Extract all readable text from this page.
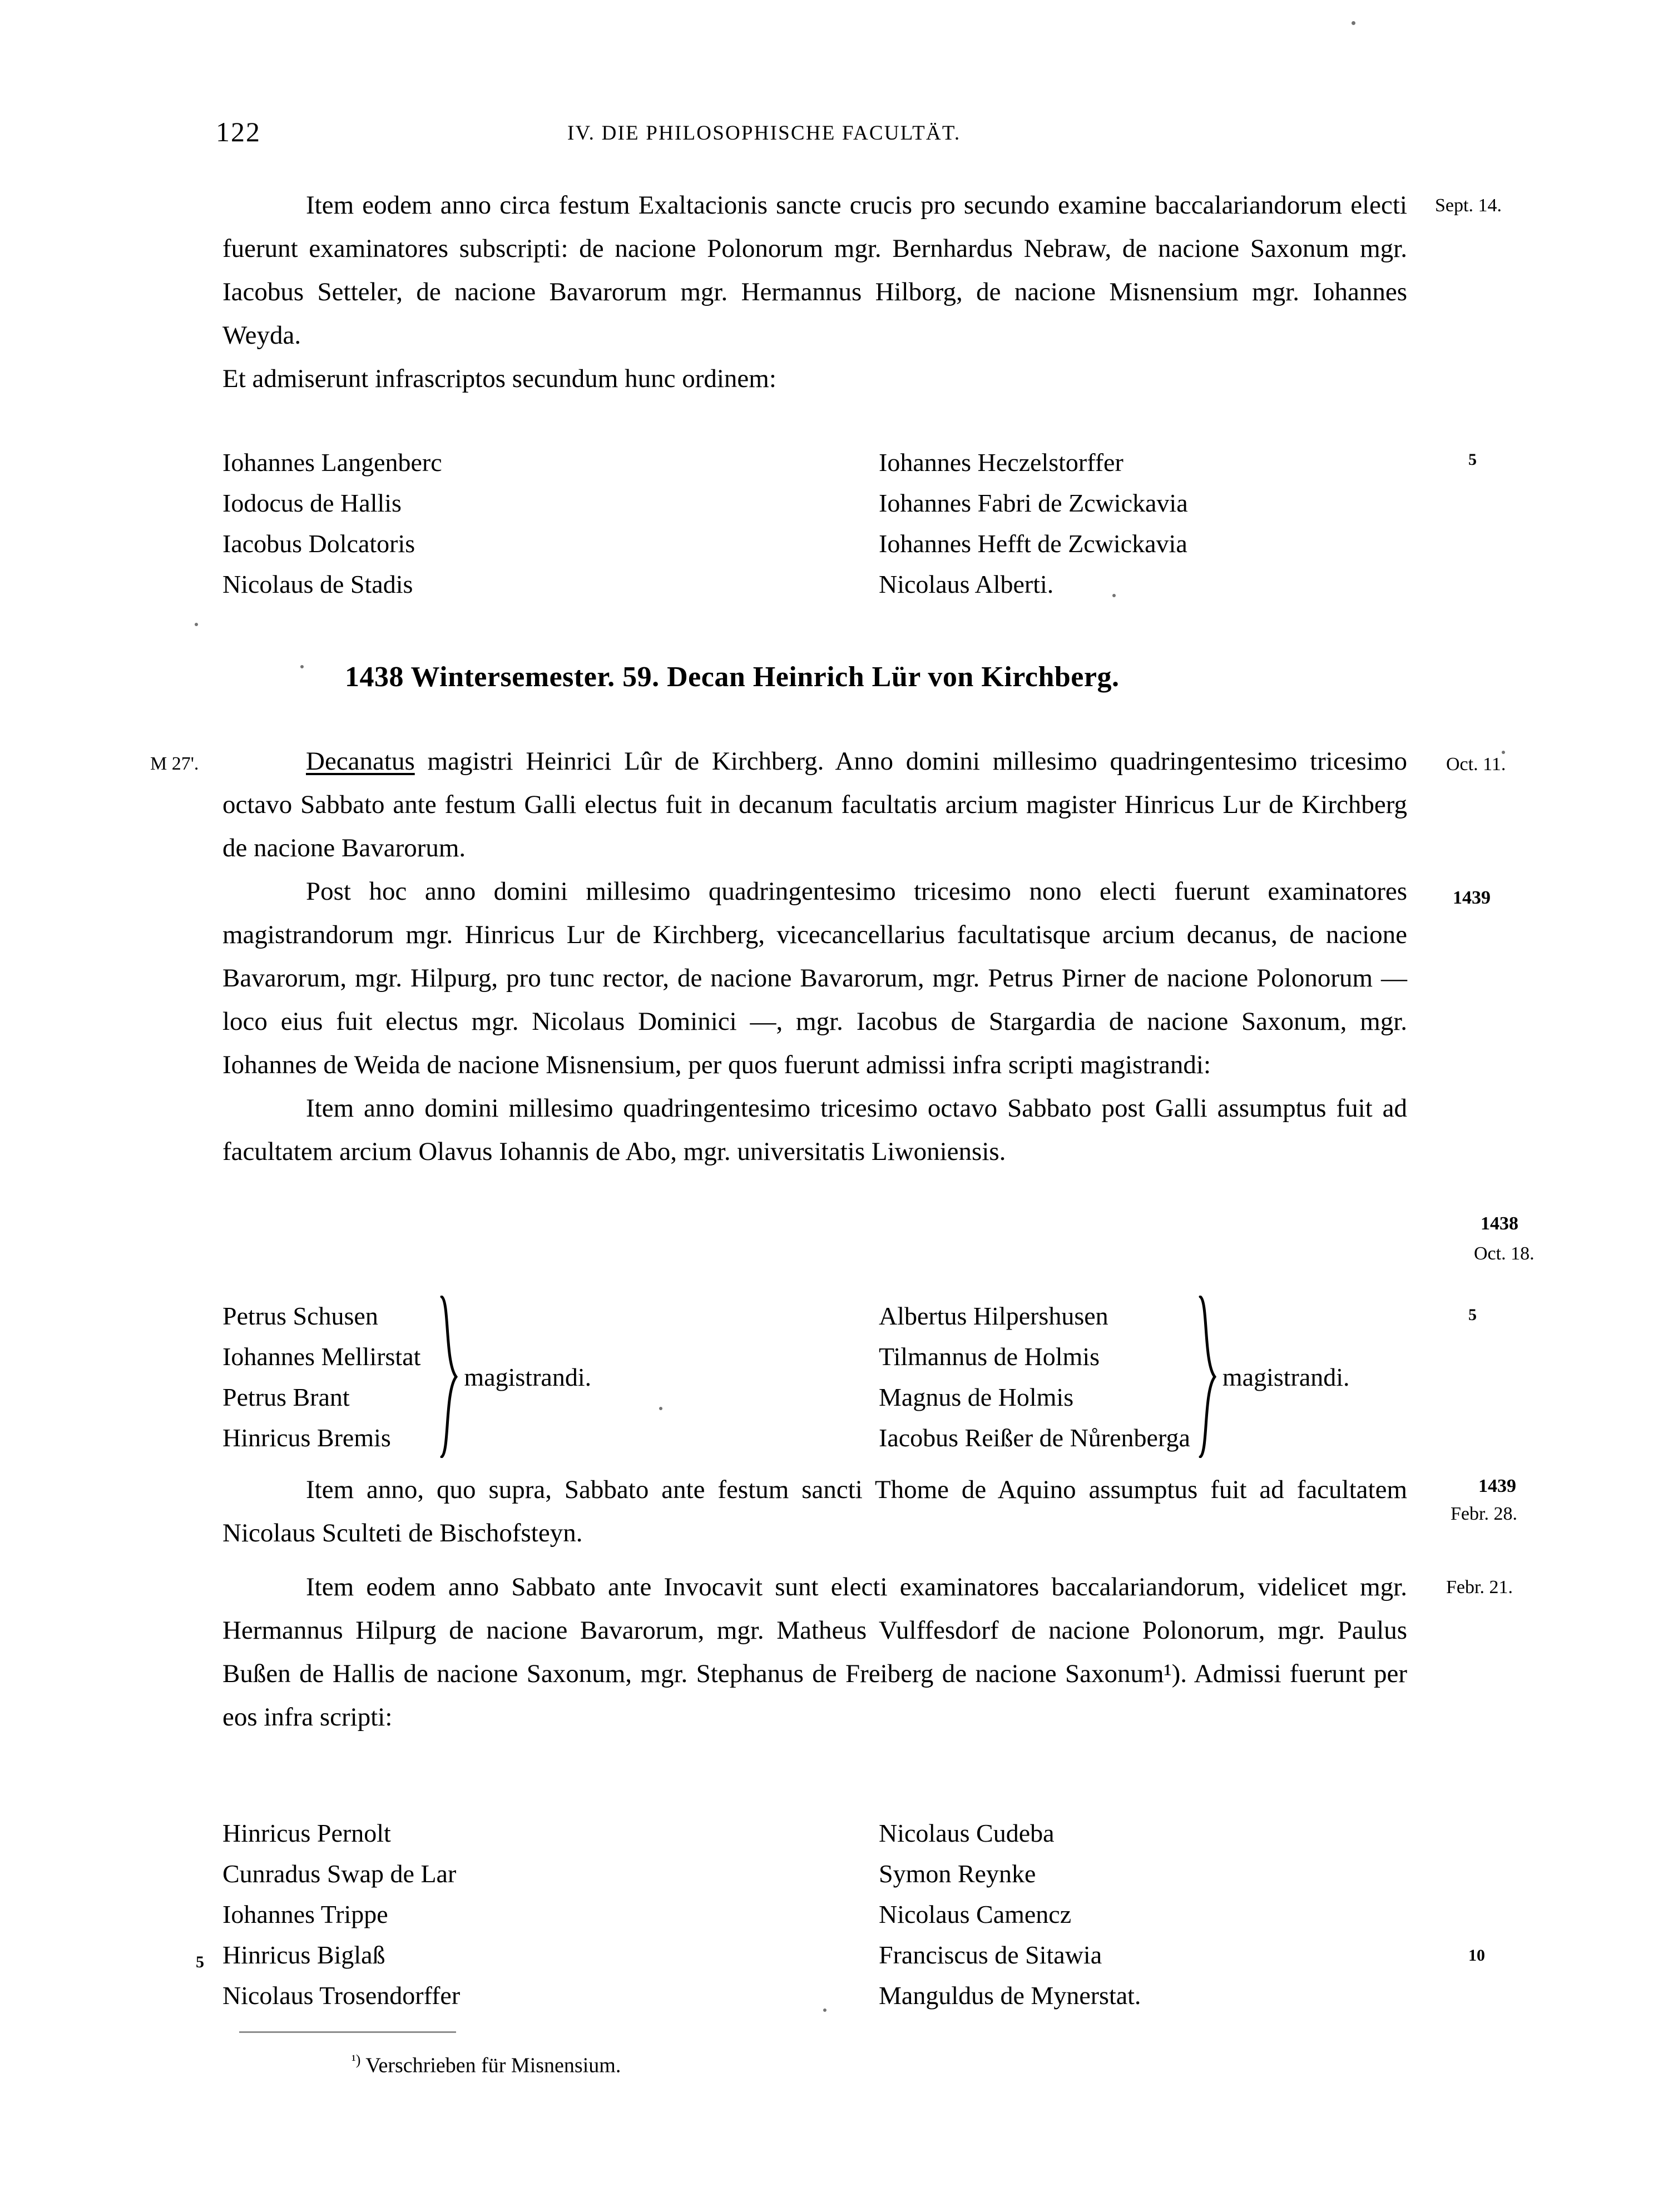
122	IV. DIE PHILOSOPHISCHE FACULTÄT.

Item eodem anno circa festum Exaltacionis sancte crucis pro secundo examine baccalariandorum electi fuerunt examinatores subscripti: de nacione Polonorum mgr. Bernhardus Nebraw, de nacione Saxonum mgr. Iacobus Setteler, de nacione Bavarorum mgr. Hermannus Hilborg, de nacione Misnensium mgr. Iohannes Weyda.

Et admiserunt infrascriptos secundum hunc ordinem:

Iohannes Langenberc
Iodocus de Hallis
Iacobus Dolcatoris
Nicolaus de Stadis
Iohannes Heczelstorffer
Iohannes Fabri de Zcwickavia
Iohannes Hefft de Zcwickavia
Nicolaus Alberti.
1438 Wintersemester. 59. Decan Heinrich Lür von Kirchberg.
M 27'.	Decanatus magistri Heinrici Lûr de Kirchberg. Anno domini millesimo quadringentesimo tricesimo octavo Sabbato ante festum Galli electus fuit in decanum facultatis arcium magister Hinricus Lur de Kirchberg de nacione Bavarorum.

Post hoc anno domini millesimo quadringentesimo tricesimo nono electi fuerunt examinatores magistrandorum mgr. Hinricus Lur de Kirchberg, vicecancellarius facultatisque arcium decanus, de nacione Bavarorum, mgr. Hilpurg, pro tunc rector, de nacione Bavarorum, mgr. Petrus Pirner de nacione Polonorum — loco eius fuit electus mgr. Nicolaus Dominici —, mgr. Iacobus de Stargardia de nacione Saxonum, mgr. Iohannes de Weida de nacione Misnensium, per quos fuerunt admissi infra scripti magistrandi:

Item anno domini millesimo quadringentesimo tricesimo octavo Sabbato post Galli assumptus fuit ad facultatem arcium Olavus Iohannis de Abo, mgr. universitatis Liwoniensis.

Petrus Schusen
Iohannes Mellirstat
Petrus Brant
Hinricus Bremis
magistrandi.
Albertus Hilpershusen
Tilmannus de Holmis
Magnus de Holmis
Iacobus Reißer de Nůrenberga
magistrandi.

Item anno, quo supra, Sabbato ante festum sancti Thome de Aquino assumptus fuit ad facultatem Nicolaus Sculteti de Bischofsteyn.

Item eodem anno Sabbato ante Invocavit sunt electi examinatores baccalariandorum, videlicet mgr. Hermannus Hilpurg de nacione Bavarorum, mgr. Matheus Vulffesdorf de nacione Polonorum, mgr. Paulus Bußen de Hallis de nacione Saxonum, mgr. Stephanus de Freiberg de nacione Saxonum¹). Admissi fuerunt per eos infra scripti:

Hinricus Pernolt
Cunradus Swap de Lar
Iohannes Trippe
Hinricus Biglaß
Nicolaus Trosendorffer
Nicolaus Cudeba
Symon Reynke
Nicolaus Camencz
Franciscus de Sitawia
Manguldus de Mynerstat.
Sept. 14.
Oct. 11.
1439
1438
Oct. 18.
1439
Febr. 28.
Febr. 21.
5
5
10
5
$^{^1)}$ Verschrieben für Misnensium.
